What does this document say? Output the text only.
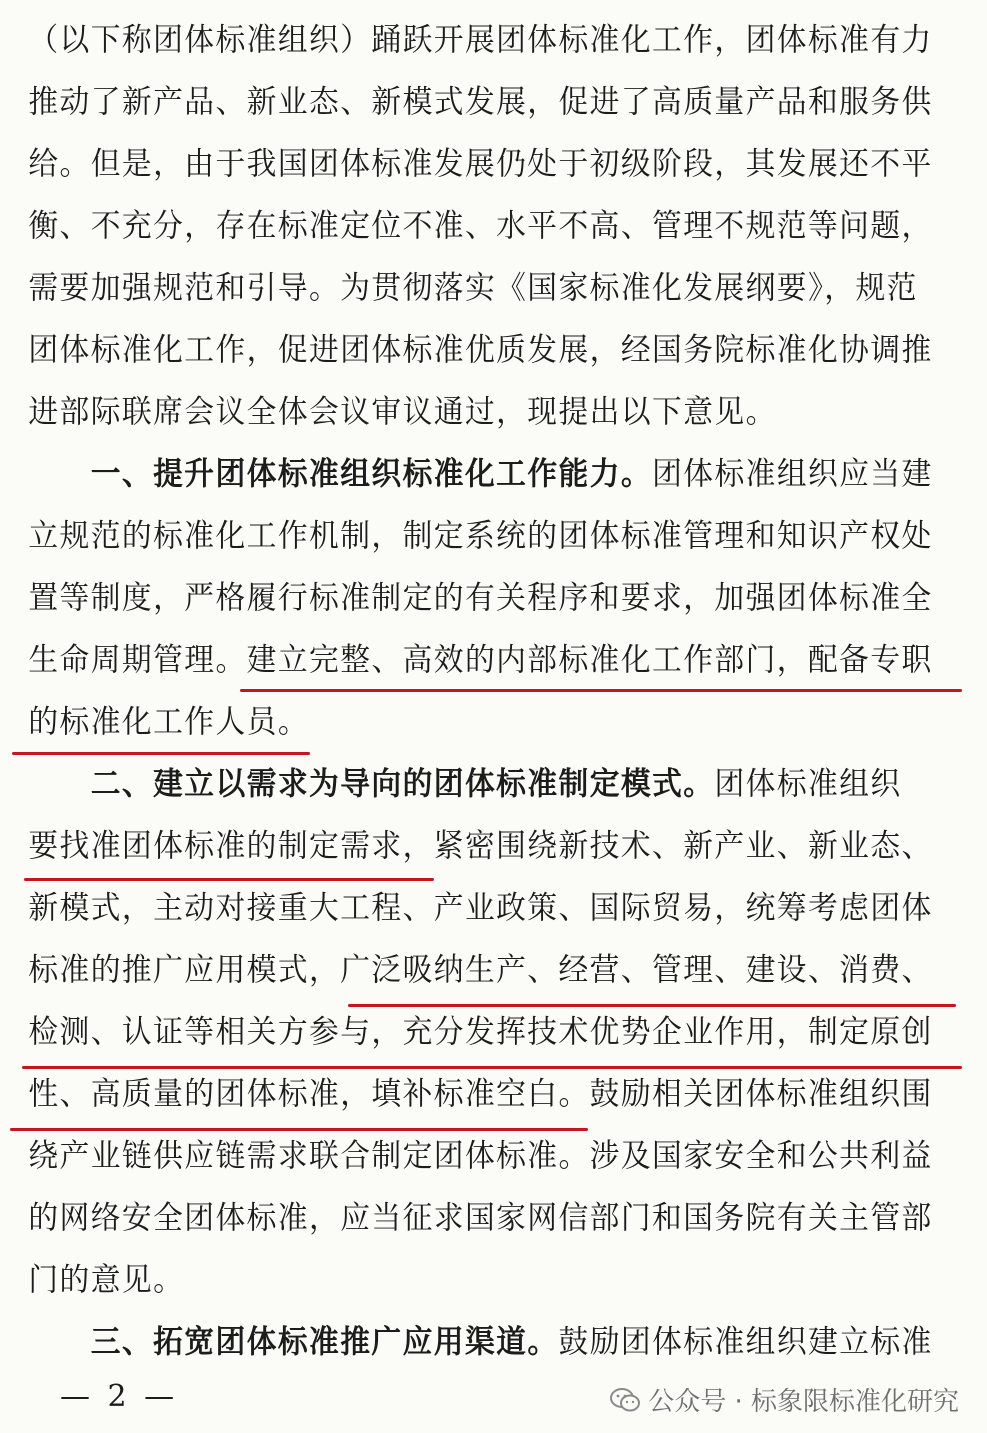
（以下称团体标准组织）踊跃开展团体标准化工作，团体标准有力
推动了新产品、新业态、新模式发展，促进了高质量产品和服务供
给。但是，由于我国团体标准发展仍处于初级阶段，其发展还不平
衡、不充分，存在标准定位不准、水平不高、管理不规范等问题，
需要加强规范和引导。为贯彻落实《国家标准化发展纲要》，规范
团体标准化工作，促进团体标准优质发展，经国务院标准化协调推
进部际联席会议全体会议审议通过，现提出以下意见。
　　一、提升团体标准组织标准化工作能力。团体标准组织应当建
立规范的标准化工作机制，制定系统的团体标准管理和知识产权处
置等制度，严格履行标准制定的有关程序和要求，加强团体标准全
生命周期管理。建立完整、高效的内部标准化工作部门，配备专职
的标准化工作人员。
　　二、建立以需求为导向的团体标准制定模式。团体标准组织
要找准团体标准的制定需求，紧密围绕新技术、新产业、新业态、
新模式，主动对接重大工程、产业政策、国际贸易，统筹考虑团体
标准的推广应用模式，广泛吸纳生产、经营、管理、建设、消费、
检测、认证等相关方参与，充分发挥技术优势企业作用，制定原创
性、高质量的团体标准，填补标准空白。鼓励相关团体标准组织围
绕产业链供应链需求联合制定团体标准。涉及国家安全和公共利益
的网络安全团体标准，应当征求国家网信部门和国务院有关主管部
门的意见。
　　三、拓宽团体标准推广应用渠道。鼓励团体标准组织建立标准
— 2 —	公众号 · 标象限标准化研究
